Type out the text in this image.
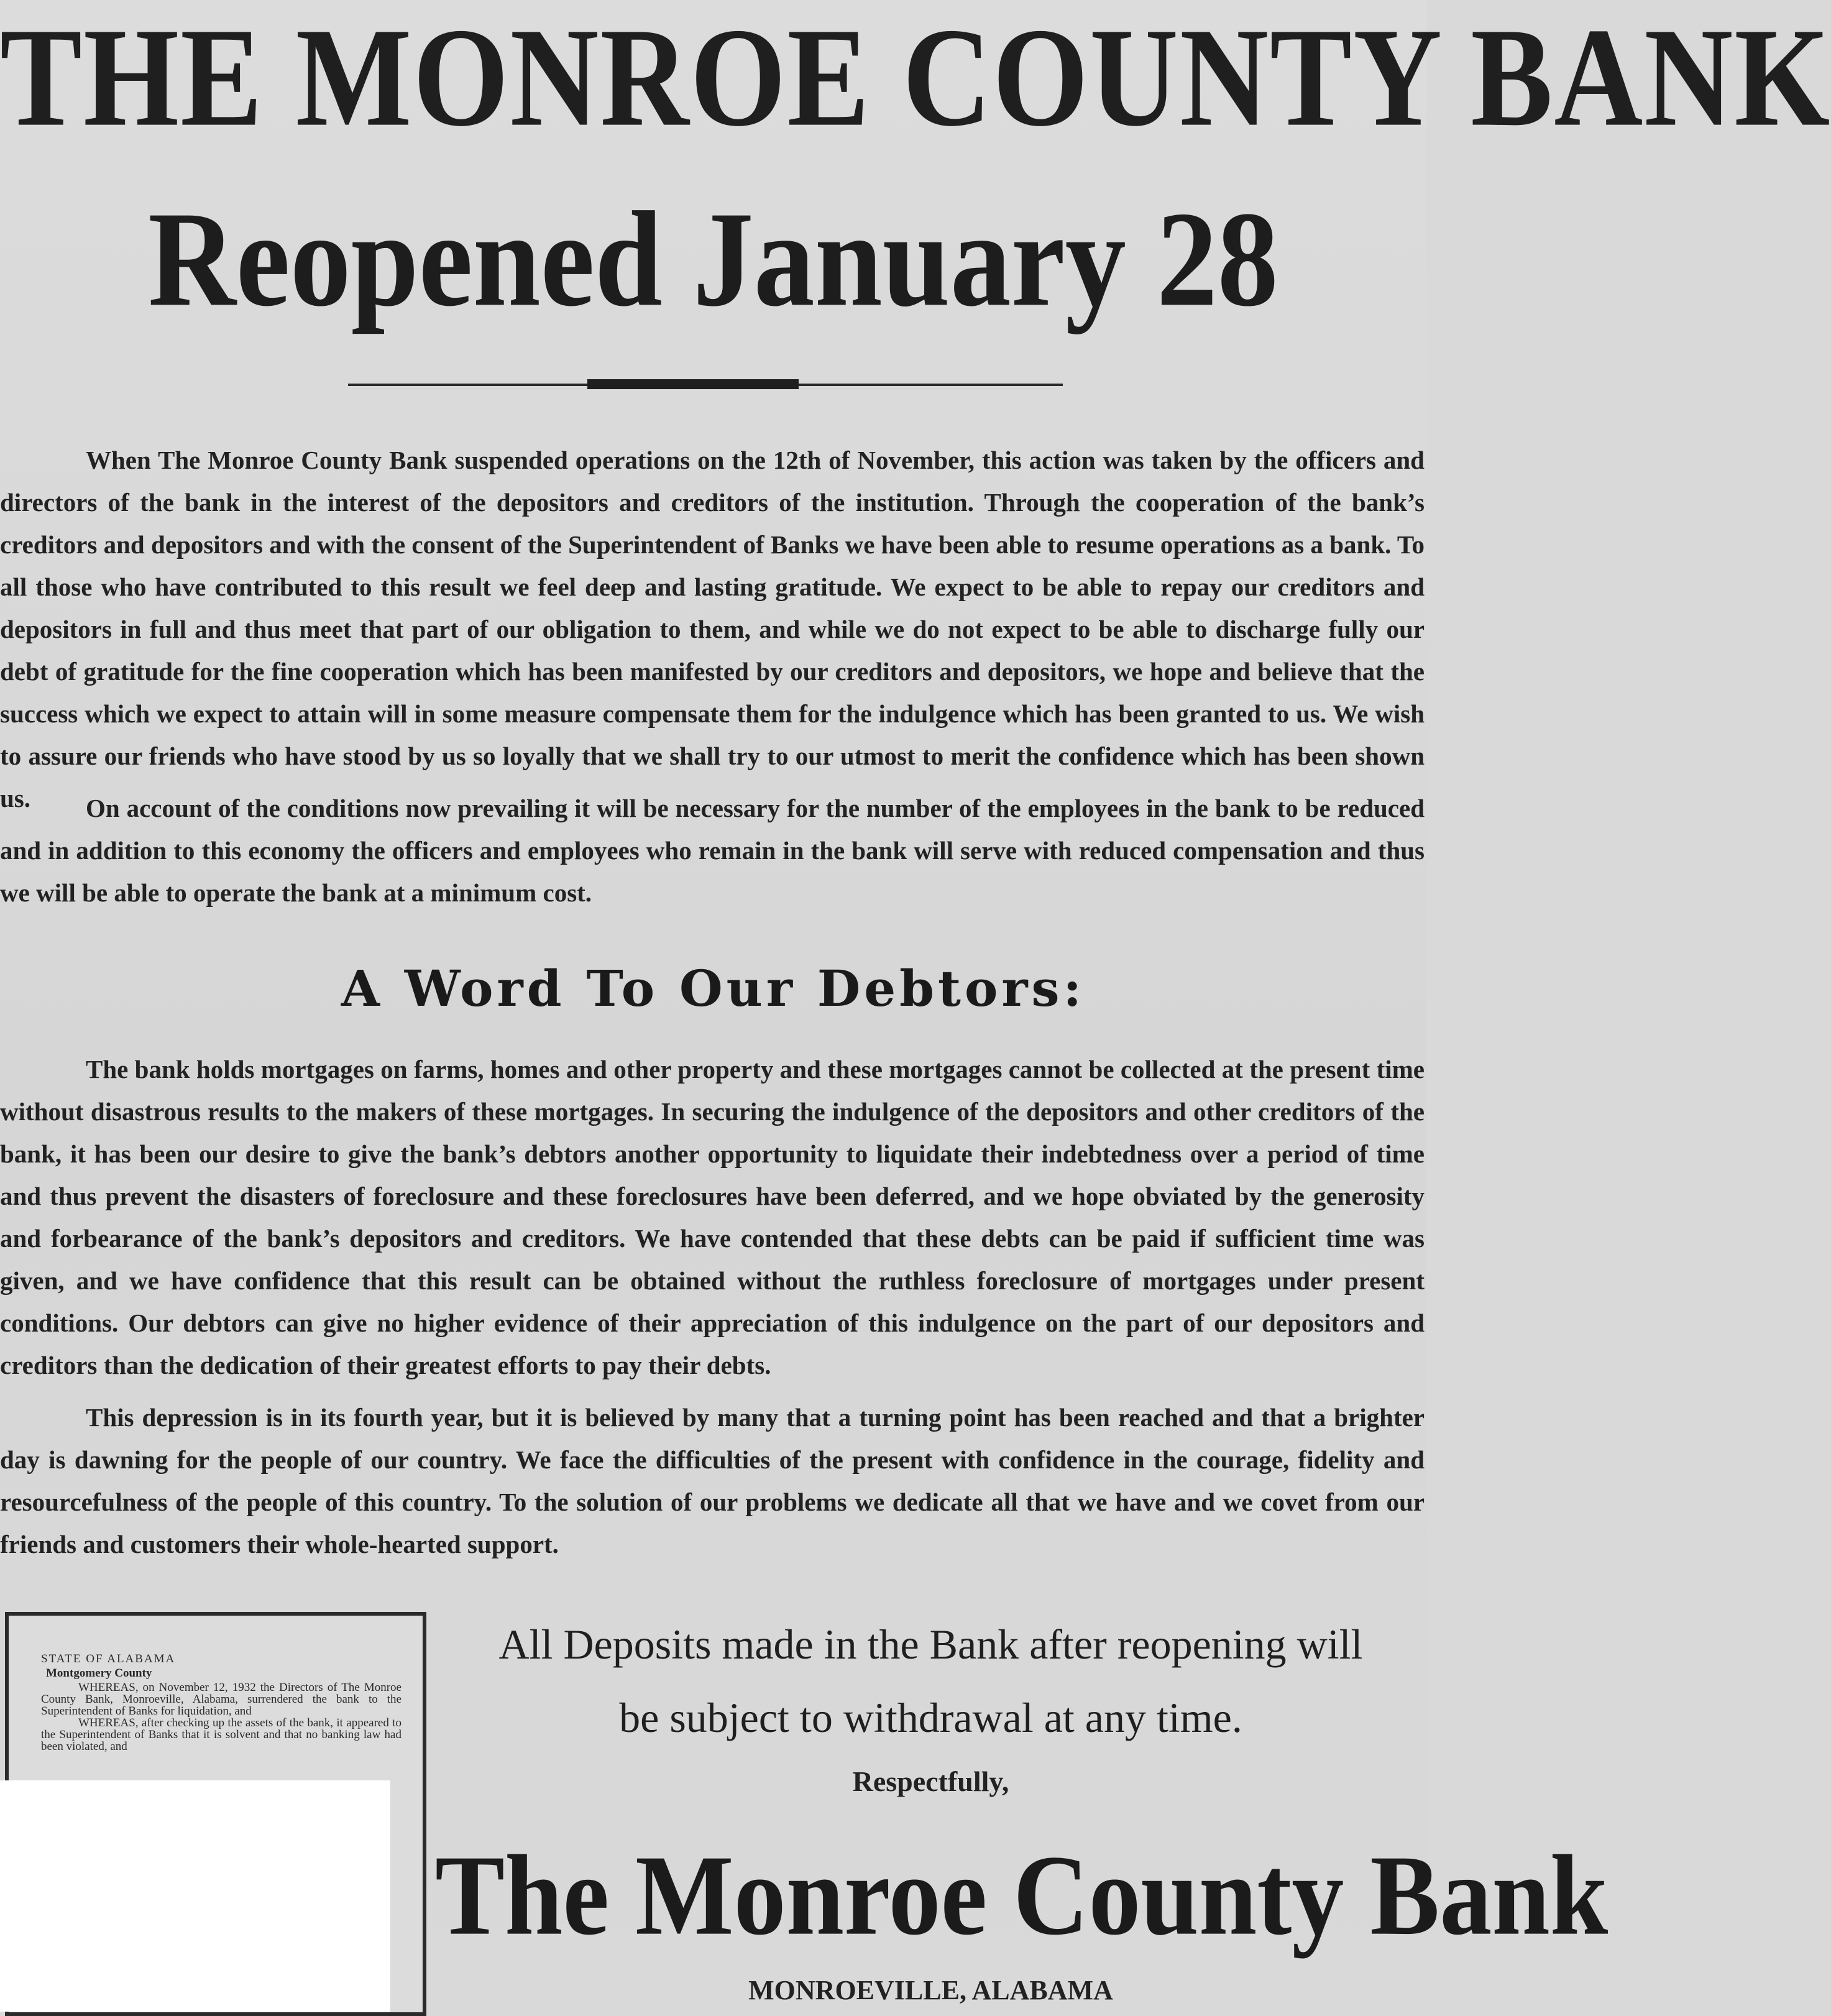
THE MONROE COUNTY BANK
Reopened January 28

When The Monroe County Bank suspended operations on the 12th of November, this action was taken by the officers and directors of the bank in the interest of the depositors and creditors of the institution. Through the cooperation of the bank’s creditors and depositors and with the consent of the Superintendent of Banks we have been able to resume operations as a bank. To all those who have contributed to this result we feel deep and lasting gratitude. We expect to be able to repay our creditors and depositors in full and thus meet that part of our obligation to them, and while we do not expect to be able to discharge fully our debt of gratitude for the fine cooperation which has been manifested by our creditors and depositors, we hope and believe that the success which we expect to attain will in some measure compensate them for the indulgence which has been granted to us. We wish to assure our friends who have stood by us so loyally that we shall try to our utmost to merit the confidence which has been shown us.	On account of the conditions now prevailing it will be necessary for the number of the employees in the bank to be reduced and in addition to this economy the officers and employees who remain in the bank will serve with reduced compensation and thus we will be able to operate the bank at a minimum cost.

A Word To Our Debtors:

The bank holds mortgages on farms, homes and other property and these mortgages cannot be collected at the present time without disastrous results to the makers of these mortgages. In securing the indulgence of the depositors and other creditors of the bank, it has been our desire to give the bank’s debtors another opportunity to liquidate their indebtedness over a period of time and thus prevent the disasters of foreclosure and these foreclosures have been deferred, and we hope obviated by the generosity and forbearance of the bank’s depositors and creditors. We have contended that these debts can be paid if sufficient time was given, and we have confidence that this result can be obtained without the ruthless foreclosure of mortgages under present conditions. Our debtors can give no higher evidence of their appreciation of this indulgence on the part of our depositors and creditors than the dedication of their greatest efforts to pay their debts.

This depression is in its fourth year, but it is believed by many that a turning point has been reached and that a brighter day is dawning for the people of our country. We face the difficulties of the present with confidence in the courage, fidelity and resourcefulness of the people of this country. To the solution of our problems we dedicate all that we have and we covet from our friends and customers their whole-hearted support.

STATE OF ALABAMA
Montgomery County
WHEREAS, on November 12, 1932 the Directors of The Monroe County Bank, Monroeville, Alabama, surrendered the bank to the Superintendent of Banks for liquidation, and
WHEREAS, after checking up the assets of the bank, it appeared to the Superintendent of Banks that it is solvent and that no banking law had been violated, and
All Deposits made in the Bank after reopening will
be subject to withdrawal at any time.
Respectfully,
The Monroe County Bank
MONROEVILLE, ALABAMA
